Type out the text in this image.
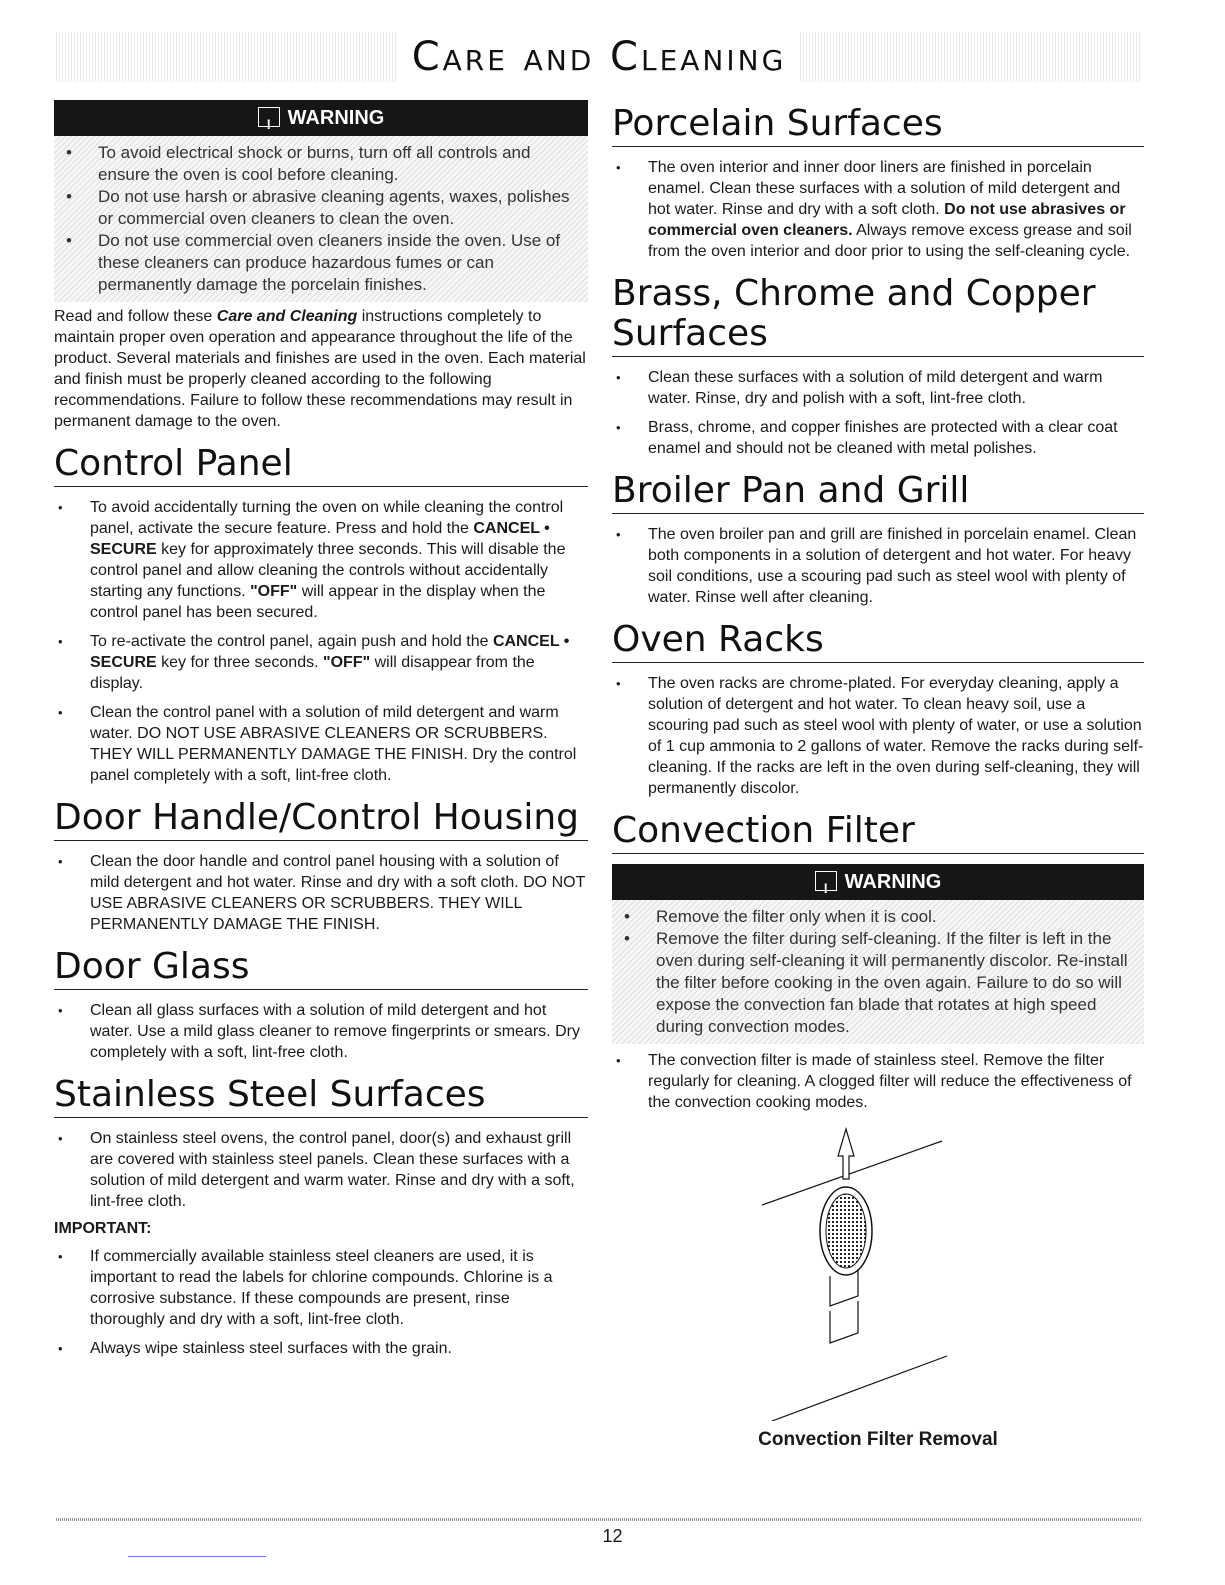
Care and Cleaning
!WARNING
• To avoid electrical shock or burns, turn off all controls and ensure the oven is cool before cleaning.
• Do not use harsh or abrasive cleaning agents, waxes, polishes or commercial oven cleaners to clean the oven.
• Do not use commercial oven cleaners inside the oven. Use of these cleaners can produce hazardous fumes or can permanently damage the porcelain finishes.

Read and follow these Care and Cleaning instructions completely to maintain proper oven operation and appearance throughout the life of the product. Several materials and finishes are used in the oven. Each material and finish must be properly cleaned according to the following recommendations. Failure to follow these recommendations may result in permanent damage to the oven.

Control Panel
• To avoid accidentally turning the oven on while cleaning the control panel, activate the secure feature. Press and hold the CANCEL • SECURE key for approximately three seconds. This will disable the control panel and allow cleaning the controls without accidentally starting any functions. "OFF" will appear in the display when the control panel has been secured.
• To re-activate the control panel, again push and hold the CANCEL • SECURE key for three seconds. "OFF" will disappear from the display.
• Clean the control panel with a solution of mild detergent and warm water. DO NOT USE ABRASIVE CLEANERS OR SCRUBBERS. THEY WILL PERMANENTLY DAMAGE THE FINISH. Dry the control panel completely with a soft, lint-free cloth.
Door Handle/Control Housing
• Clean the door handle and control panel housing with a solution of mild detergent and hot water. Rinse and dry with a soft cloth. DO NOT USE ABRASIVE CLEANERS OR SCRUBBERS. THEY WILL PERMANENTLY DAMAGE THE FINISH.
Door Glass
• Clean all glass surfaces with a solution of mild detergent and hot water. Use a mild glass cleaner to remove fingerprints or smears. Dry completely with a soft, lint-free cloth.
Stainless Steel Surfaces
• On stainless steel ovens, the control panel, door(s) and exhaust grill are covered with stainless steel panels. Clean these surfaces with a solution of mild detergent and warm water. Rinse and dry with a soft, lint-free cloth.
IMPORTANT:
• If commercially available stainless steel cleaners are used, it is important to read the labels for chlorine compounds. Chlorine is a corrosive substance. If these compounds are present, rinse thoroughly and dry with a soft, lint-free cloth.
• Always wipe stainless steel surfaces with the grain.
Porcelain Surfaces
• The oven interior and inner door liners are finished in porcelain enamel. Clean these surfaces with a solution of mild detergent and hot water. Rinse and dry with a soft cloth. Do not use abrasives or commercial oven cleaners. Always remove excess grease and soil from the oven interior and door prior to using the self-cleaning cycle.
Brass, Chrome and Copper Surfaces
• Clean these surfaces with a solution of mild detergent and warm water. Rinse, dry and polish with a soft, lint-free cloth.
• Brass, chrome, and copper finishes are protected with a clear coat enamel and should not be cleaned with metal polishes.
Broiler Pan and Grill
• The oven broiler pan and grill are finished in porcelain enamel. Clean both components in a solution of detergent and hot water. For heavy soil conditions, use a scouring pad such as steel wool with plenty of water. Rinse well after cleaning.
Oven Racks
• The oven racks are chrome-plated. For everyday cleaning, apply a solution of detergent and hot water. To clean heavy soil, use a scouring pad such as steel wool with plenty of water, or use a solution of 1 cup ammonia to 2 gallons of water. Remove the racks during self-cleaning. If the racks are left in the oven during self-cleaning, they will permanently discolor.
Convection Filter
!WARNING
• Remove the filter only when it is cool.
• Remove the filter during self-cleaning. If the filter is left in the oven during self-cleaning it will permanently discolor. Re-install the filter before cooking in the oven again. Failure to do so will expose the convection fan blade that rotates at high speed during convection modes.
• The convection filter is made of stainless steel. Remove the filter regularly for cleaning. A clogged filter will reduce the effectiveness of the convection cooking modes.
Convection Filter Removal
12
